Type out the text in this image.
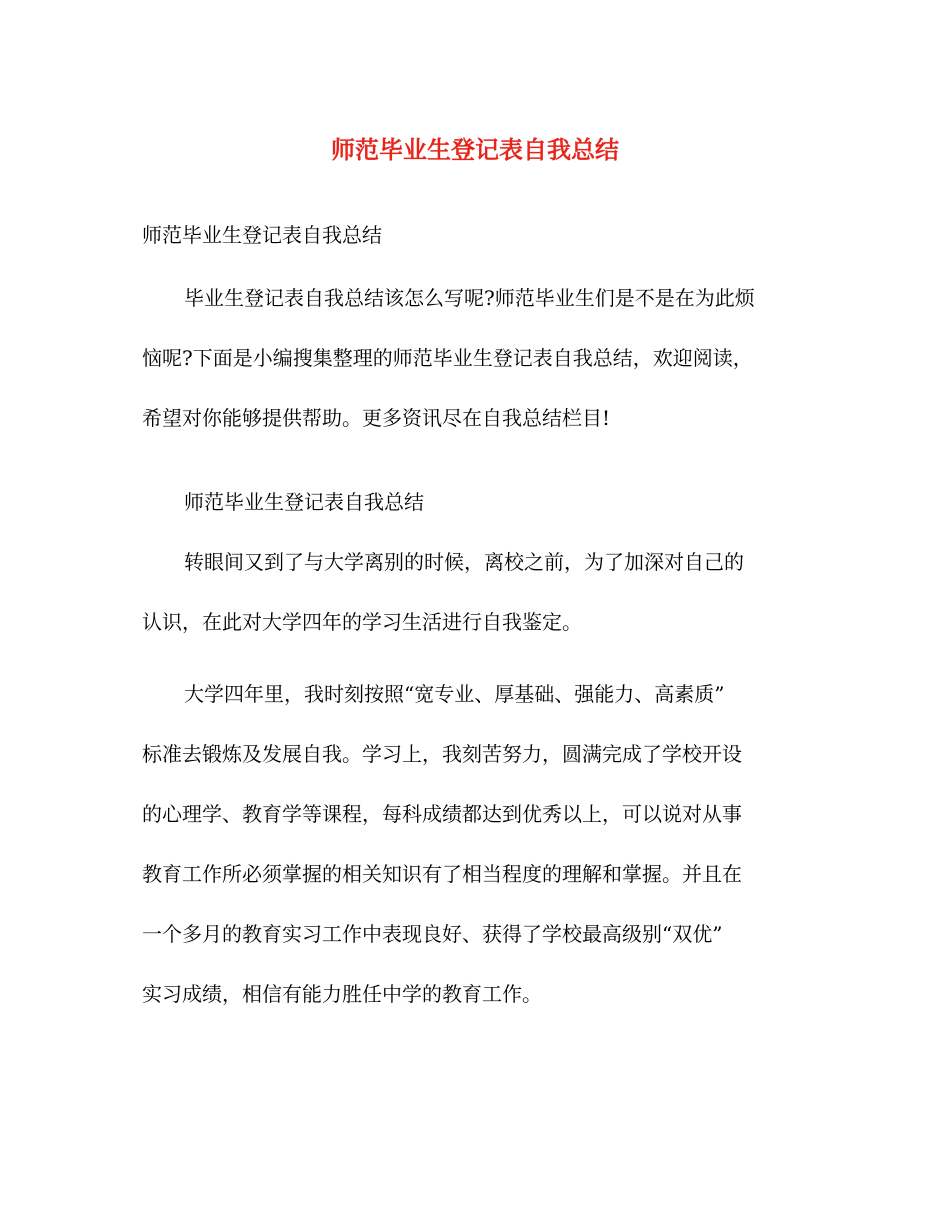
师范毕业生登记表自我总结

师范毕业生登记表自我总结

毕业生登记表自我总结该怎么写呢?师范毕业生们是不是在为此烦
恼呢?下面是小编搜集整理的师范毕业生登记表自我总结，欢迎阅读，
希望对你能够提供帮助。更多资讯尽在自我总结栏目!

师范毕业生登记表自我总结

转眼间又到了与大学离别的时候，离校之前，为了加深对自己的
认识，在此对大学四年的学习生活进行自我鉴定。

大学四年里，我时刻按照“宽专业、厚基础、强能力、高素质”
标准去锻炼及发展自我。学习上，我刻苦努力，圆满完成了学校开设
的心理学、教育学等课程，每科成绩都达到优秀以上，可以说对从事
教育工作所必须掌握的相关知识有了相当程度的理解和掌握。并且在
一个多月的教育实习工作中表现良好、获得了学校最高级别“双优”
实习成绩，相信有能力胜任中学的教育工作。
